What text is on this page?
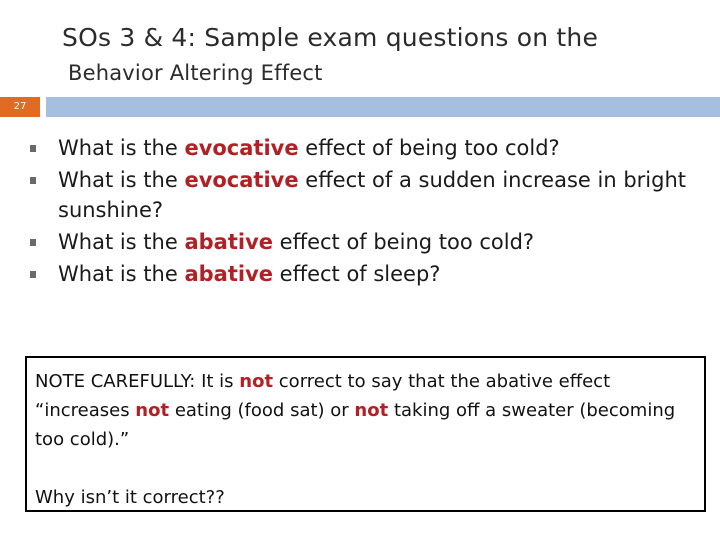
SOs 3 & 4: Sample exam questions on the
Behavior Altering Effect
27
What is the evocative effect of being too cold?
What is the evocative effect of a sudden increase in bright sunshine?
What is the abative effect of being too cold?
What is the abative effect of sleep?

NOTE CAREFULLY: It is not correct to say that the abative effect “increases not eating (food sat) or not taking off a sweater (becoming too cold).”

Why isn’t it correct??
